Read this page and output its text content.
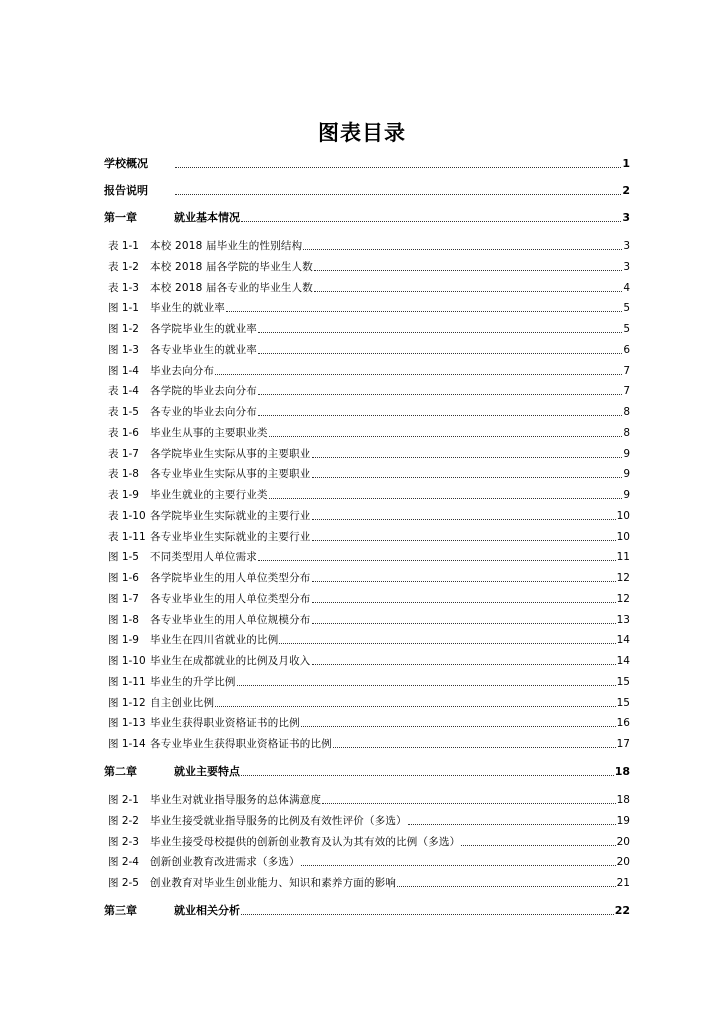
图表目录
学校概况	1
报告说明	2
第一章	就业基本情况	3
表 1-1	本校 2018 届毕业生的性别结构	3
表 1-2	本校 2018 届各学院的毕业生人数	3
表 1-3	本校 2018 届各专业的毕业生人数	4
图 1-1	毕业生的就业率	5
图 1-2	各学院毕业生的就业率	5
图 1-3	各专业毕业生的就业率	6
图 1-4	毕业去向分布	7
表 1-4	各学院的毕业去向分布	7
表 1-5	各专业的毕业去向分布	8
表 1-6	毕业生从事的主要职业类	8
表 1-7	各学院毕业生实际从事的主要职业	9
表 1-8	各专业毕业生实际从事的主要职业	9
表 1-9	毕业生就业的主要行业类	9
表 1-10 各学院毕业生实际就业的主要行业	10
表 1-11 各专业毕业生实际就业的主要行业	10
图 1-5	不同类型用人单位需求	11
图 1-6	各学院毕业生的用人单位类型分布	12
图 1-7	各专业毕业生的用人单位类型分布	12
图 1-8	各专业毕业生的用人单位规模分布	13
图 1-9	毕业生在四川省就业的比例	14
图 1-10 毕业生在成都就业的比例及月收入	14
图 1-11 毕业生的升学比例	15
图 1-12 自主创业比例	15
图 1-13 毕业生获得职业资格证书的比例	16
图 1-14 各专业毕业生获得职业资格证书的比例	17
第二章	就业主要特点	18
图 2-1	毕业生对就业指导服务的总体满意度	18
图 2-2	毕业生接受就业指导服务的比例及有效性评价（多选）	19
图 2-3	毕业生接受母校提供的创新创业教育及认为其有效的比例（多选）	20
图 2-4	创新创业教育改进需求（多选）	20
图 2-5	创业教育对毕业生创业能力、知识和素养方面的影响	21
第三章	就业相关分析	22
